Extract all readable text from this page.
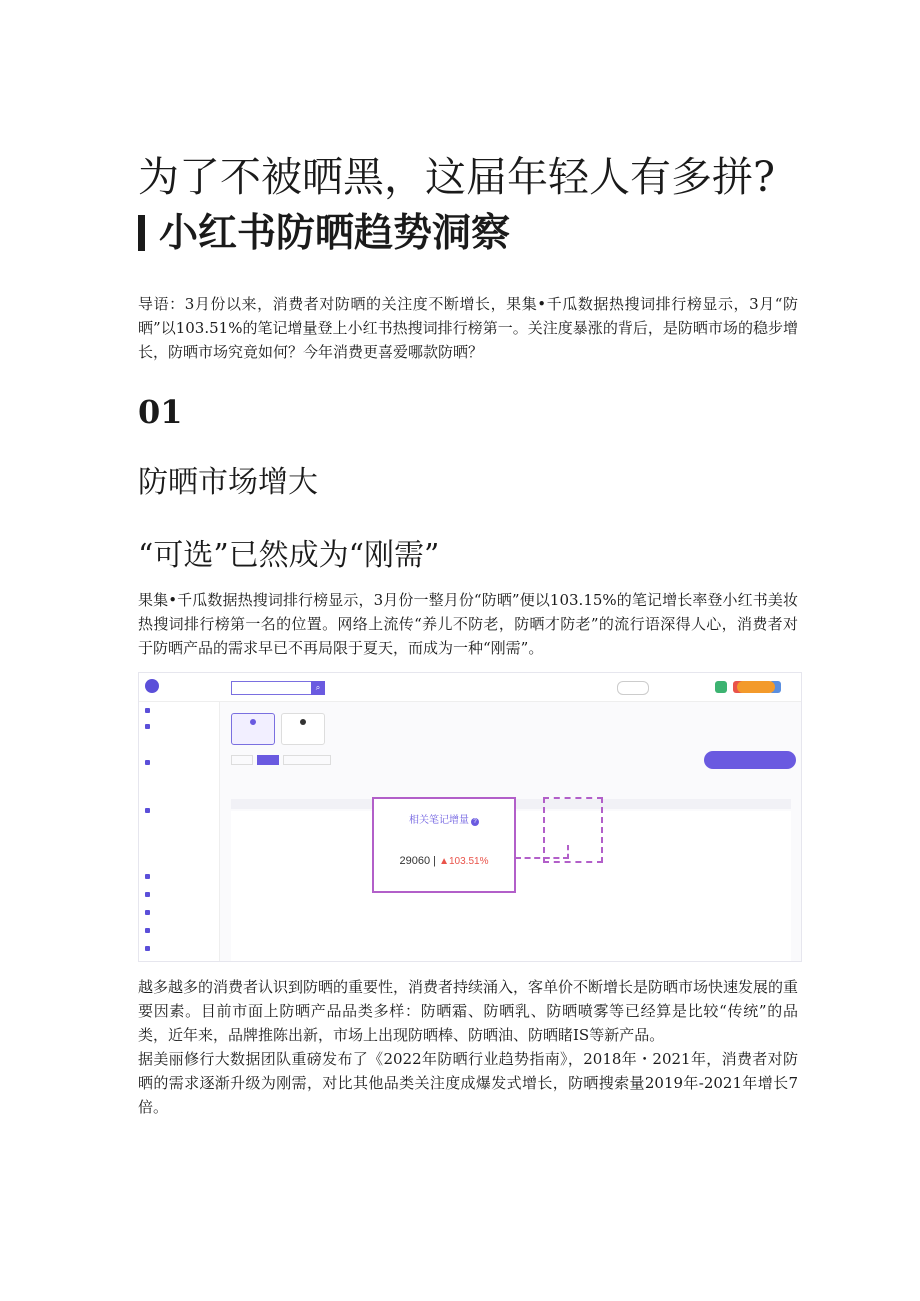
为了不被晒黑，这届年轻人有多拼?
小红书防晒趋势洞察

导语：3月份以来，消费者对防晒的关注度不断增长，果集•千瓜数据热搜词排行榜显示，3月“防晒”以103.51%的笔记增量登上小红书热搜词排行榜第一。关注度暴涨的背后，是防晒市场的稳步增长，防晒市场究竟如何？今年消费更喜爱哪款防晒？

01
防晒市场增大
“可选”已然成为“刚需”

果集•千瓜数据热搜词排行榜显示，3月份一整月份“防晒”便以103.15%的笔记增长率登小红书美妆热搜词排行榜第一名的位置。网络上流传“养儿不防老，防晒才防老”的流行语深得人心，消费者对于防晒产品的需求早已不再局限于夏天，而成为一种“刚需”。

⌕
相关笔记增量 ?
29060 | ▲103.51%
越多越多的消费者认识到防晒的重要性，消费者持续涌入，客单价不断增长是防晒市场快速发展的重要因素。目前市面上防晒产品品类多样：防晒霜、防晒乳、防晒喷雾等已经算是比较“传统”的品类，近年来，品牌推陈出新，市场上出现防晒棒、防晒油、防晒睹IS等新产品。
据美丽修行大数据团队重磅发布了《2022年防晒行业趋势指南》，2018年・2021年，消费者对防晒的需求逐渐升级为刚需，对比其他品类关注度成爆发式增长，防晒搜索量2019年-2021年增长7倍。
